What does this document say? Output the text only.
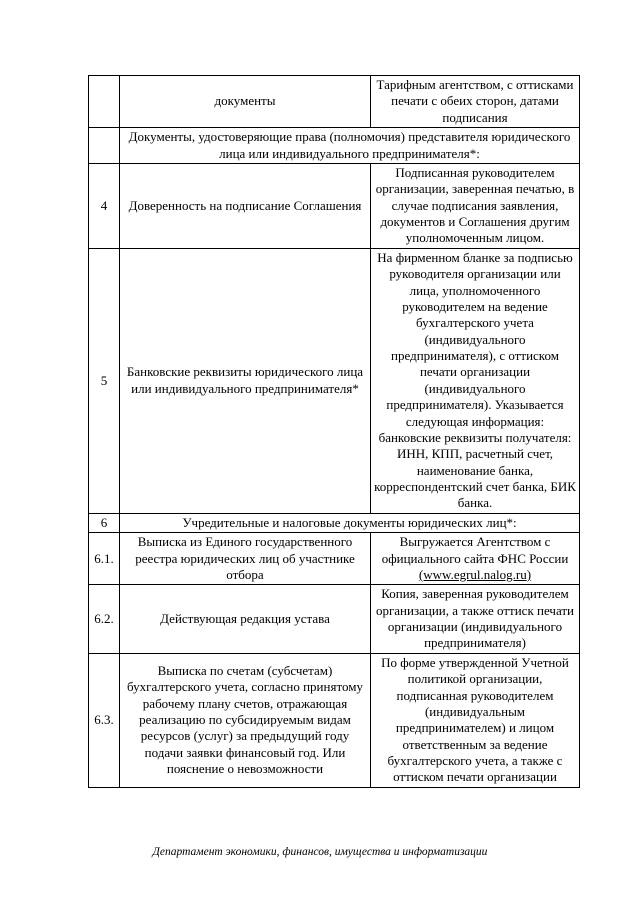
	документы	Тарифным агентством, с оттисками печати с обеих сторон, датами подписания
	Документы, удостоверяющие права (полномочия) представителя юридического лица или индивидуального предпринимателя*:	
4	Доверенность на подписание Соглашения	Подписанная руководителем организации, заверенная печатью, в случае подписания заявления, документов и Соглашения другим уполномоченным лицом.
5	Банковские реквизиты юридического лица или индивидуального предпринимателя*	На фирменном бланке за подписью руководителя организации или лица, уполномоченного руководителем на ведение бухгалтерского учета (индивидуального предпринимателя), с оттиском печати организации (индивидуального предпринимателя). Указывается следующая информация: банковские реквизиты получателя: ИНН, КПП, расчетный счет, наименование банка, корреспондентский счет банка, БИК банка.
6	Учредительные и налоговые документы юридических лиц*:	
6.1.	Выписка из Единого государственного реестра юридических лиц об участнике отбора	Выгружается Агентством с официального сайта ФНС России (www.egrul.nalog.ru)
6.2.	Действующая редакция устава	Копия, заверенная руководителем организации, а также оттиск печати организации (индивидуального предпринимателя)
6.3.	Выписка по счетам (субсчетам) бухгалтерского учета, согласно принятому рабочему плану счетов, отражающая реализацию по субсидируемым видам ресурсов (услуг) за предыдущий году подачи заявки финансовый год. Или пояснение о невозможности	По форме утвержденной Учетной политикой организации, подписанная руководителем (индивидуальным предпринимателем) и лицом ответственным за ведение бухгалтерского учета, а также с оттиском печати организации
Департамент экономики, финансов, имущества и информатизации
